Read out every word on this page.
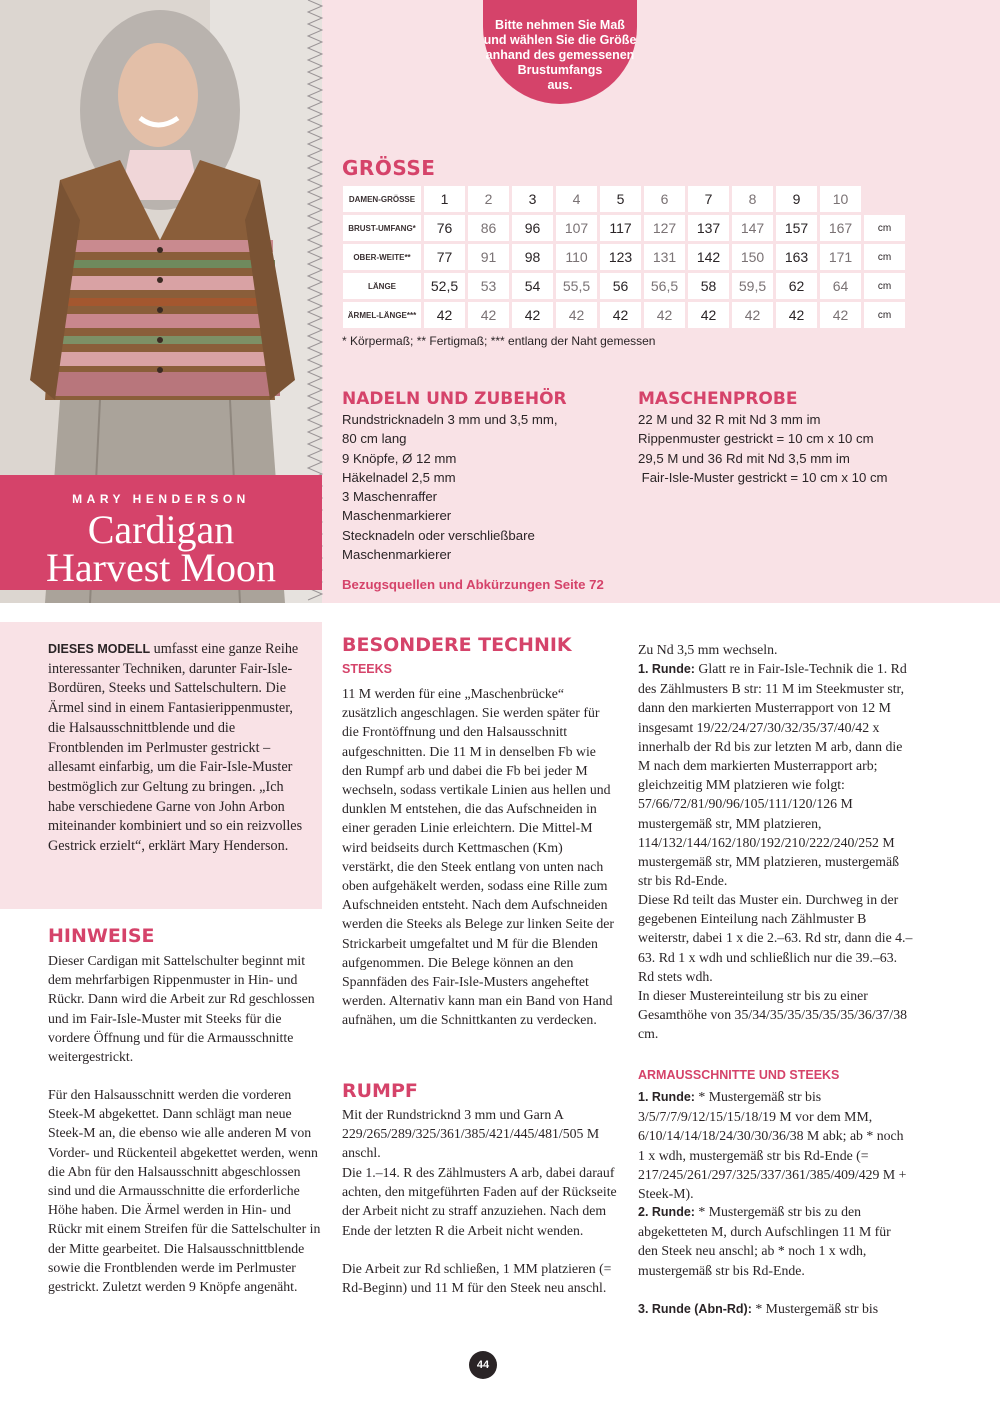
Bitte nehmen Sie Maß
und wählen Sie die Größe
anhand des gemessenen
Brustumfangs
aus.
GRÖSSE
DAMEN-GRÖSSE	1	2	3	4	5	6	7	8	9	10	
BRUST-UMFANG*	76	86	96	107	117	127	137	147	157	167	cm
OBER-WEITE**	77	91	98	110	123	131	142	150	163	171	cm
LÄNGE	52,5	53	54	55,5	56	56,5	58	59,5	62	64	cm
ÄRMEL-LÄNGE***	42	42	42	42	42	42	42	42	42	42	cm
* Körpermaß; ** Fertigmaß; *** entlang der Naht gemessen
MARY HENDERSON
Cardigan
Harvest Moon
NADELN UND ZUBEHÖR
Rundstricknadeln 3 mm und 3,5 mm,
80 cm lang
9 Knöpfe, Ø 12 mm
Häkelnadel 2,5 mm
3 Maschenraffer
Maschenmarkierer
Stecknadeln oder verschließbare
Maschenmarkierer
Bezugsquellen und Abkürzungen Seite 72
MASCHENPROBE
22 M und 32 R mit Nd 3 mm im
Rippenmuster gestrickt = 10 cm x 10 cm
29,5 M und 36 Rd mit Nd 3,5 mm im
Fair-Isle-Muster gestrickt = 10 cm x 10 cm
DIESES MODELL umfasst eine ganze Reihe interessanter Techniken, darunter Fair-Isle-Bordüren, Steeks und Sattelschultern. Die Ärmel sind in einem Fantasierippenmuster, die Halsausschnittblende und die Frontblenden im Perlmuster gestrickt – allesamt einfarbig, um die Fair-Isle-Muster bestmöglich zur Geltung zu bringen. „Ich habe verschiedene Garne von John Arbon miteinander kombiniert und so ein reizvolles Gestrick erzielt“, erklärt Mary Henderson.
HINWEISE
Dieser Cardigan mit Sattelschulter beginnt mit dem mehrfarbigen Rippenmuster in Hin- und Rückr. Dann wird die Arbeit zur Rd geschlossen und im Fair-Isle-Muster mit Steeks für die vordere Öffnung und für die Armausschnitte weitergestrickt.
Für den Halsausschnitt werden die vorderen Steek-M abgekettet. Dann schlägt man neue Steek-M an, die ebenso wie alle anderen M von Vorder- und Rückenteil abgekettet werden, wenn die Abn für den Halsausschnitt abgeschlossen sind und die Armausschnitte die erforderliche Höhe haben. Die Ärmel werden in Hin- und Rückr mit einem Streifen für die Sattelschulter in der Mitte gearbeitet. Die Halsausschnittblende sowie die Frontblenden werde im Perlmuster gestrickt. Zuletzt werden 9 Knöpfe angenäht.
BESONDERE TECHNIK
STEEKS
11 M werden für eine „Maschenbrücke“ zusätzlich angeschlagen. Sie werden später für die Frontöffnung und den Halsausschnitt aufgeschnitten. Die 11 M in denselben Fb wie den Rumpf arb und dabei die Fb bei jeder M wechseln, sodass vertikale Linien aus hellen und dunklen M entstehen, die das Aufschneiden in einer geraden Linie erleichtern. Die Mittel-M wird beidseits durch Kettmaschen (Km) verstärkt, die den Steek entlang von unten nach oben aufgehäkelt werden, sodass eine Rille zum Aufschneiden entsteht. Nach dem Aufschneiden werden die Steeks als Belege zur linken Seite der Strickarbeit umgefaltet und M für die Blenden aufgenommen. Die Belege können an den Spannfäden des Fair-Isle-Musters angeheftet werden. Alternativ kann man ein Band von Hand aufnähen, um die Schnittkanten zu verdecken.
RUMPF
Mit der Rundstricknd 3 mm und Garn A 229/265/289/325/361/385/421/445/481/505 M anschl.
Die 1.–14. R des Zählmusters A arb, dabei darauf achten, den mitgeführten Faden auf der Rückseite der Arbeit nicht zu straff anzuziehen. Nach dem Ende der letzten R die Arbeit nicht wenden.
Die Arbeit zur Rd schließen, 1 MM platzieren (= Rd-Beginn) und 11 M für den Steek neu anschl.
Zu Nd 3,5 mm wechseln.
1. Runde: Glatt re in Fair-Isle-Technik die 1. Rd des Zählmusters B str: 11 M im Steekmuster str, dann den markierten Musterrapport von 12 M insgesamt 19/22/24/27/30/32/35/37/40/42 x innerhalb der Rd bis zur letzten M arb, dann die M nach dem markierten Musterrapport arb; gleichzeitig MM platzieren wie folgt: 57/66/72/81/90/96/105/111/120/126 M mustergemäß str, MM platzieren, 114/132/144/162/180/192/210/222/240/252 M mustergemäß str, MM platzieren, mustergemäß str bis Rd-Ende.
Diese Rd teilt das Muster ein. Durchweg in der gegebenen Einteilung nach Zählmuster B weiterstr, dabei 1 x die 2.–63. Rd str, dann die 4.–63. Rd 1 x wdh und schließlich nur die 39.–63. Rd stets wdh.
In dieser Mustereinteilung str bis zu einer Gesamthöhe von 35/34/35/35/35/35/35/36/37/38 cm.
ARMAUSSCHNITTE UND STEEKS
1. Runde: * Mustergemäß str bis 3/5/7/7/9/12/15/15/18/19 M vor dem MM, 6/10/14/14/18/24/30/30/36/38 M abk; ab * noch 1 x wdh, mustergemäß str bis Rd-Ende (= 217/245/261/297/325/337/361/385/409/429 M + Steek-M).
2. Runde: * Mustergemäß str bis zu den abgeketteten M, durch Aufschlingen 11 M für den Steek neu anschl; ab * noch 1 x wdh, mustergemäß str bis Rd-Ende.
3. Runde (Abn-Rd): * Mustergemäß str bis
44
